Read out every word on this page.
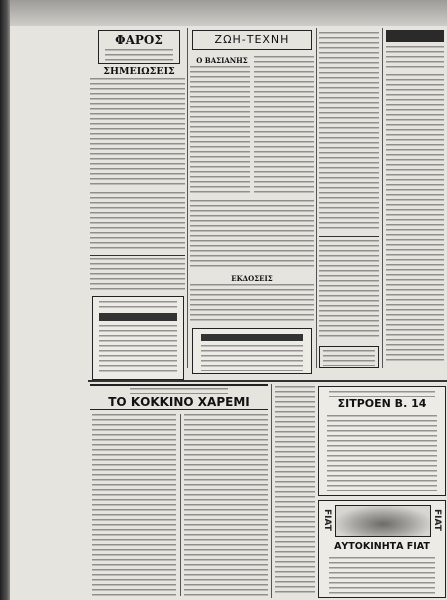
ΦΑΡΟΣ
ΣΗΜΕΙΩΣΕΙΣ
ΖΩΗ-ΤΕΧΝΗ
Ο ΒΑΣΙΑΝΗΣ
ΕΚΔΟΣΕΙΣ
ΤΟ ΚΟΚΚΙΝΟ ΧΑΡΕΜΙ	ΣΙΤΡΟΕΝ Β. 14
FIAT	FIAT
ΑΥΤΟΚΙΝΗΤΑ FIAT
